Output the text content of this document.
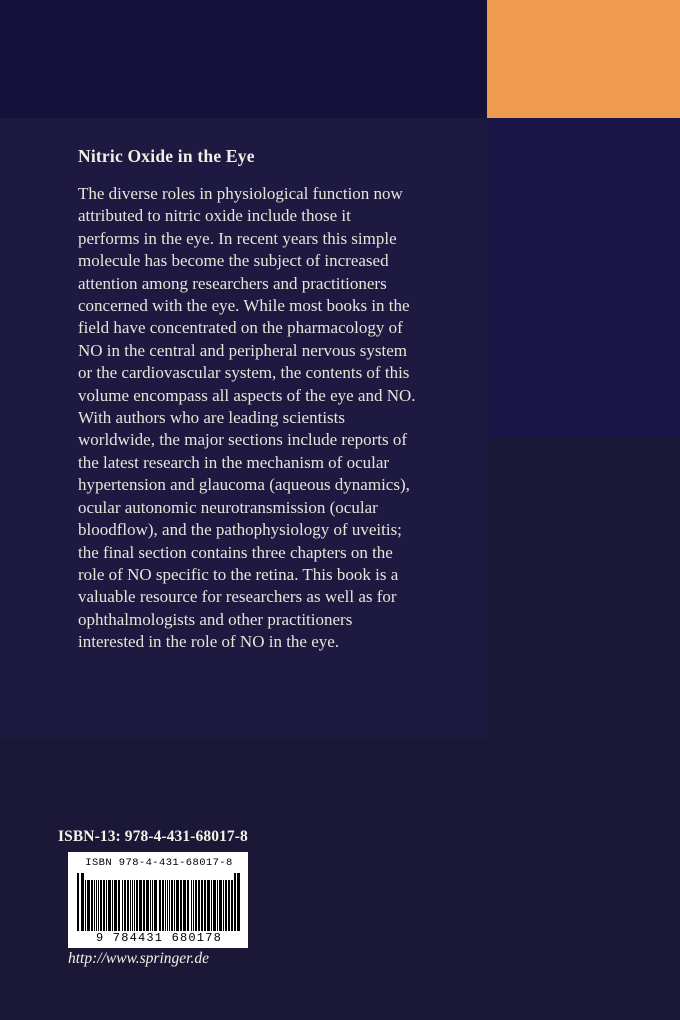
Nitric Oxide in the Eye
The diverse roles in physiological function now attributed to nitric oxide include those it performs in the eye. In recent years this simple molecule has become the subject of increased attention among researchers and practitioners concerned with the eye. While most books in the field have concentrated on the pharmacology of NO in the central and peripheral nervous system or the cardiovascular system, the contents of this volume encompass all aspects of the eye and NO. With authors who are leading scientists worldwide, the major sections include reports of the latest research in the mechanism of ocular hypertension and glaucoma (aqueous dynamics), ocular autonomic neurotransmission (ocular bloodflow), and the pathophysiology of uveitis; the final section contains three chapters on the role of NO specific to the retina. This book is a valuable resource for researchers as well as for ophthalmologists and other practitioners interested in the role of NO in the eye.
ISBN-13: 978-4-431-68017-8
ISBN 978-4-431-68017-8
9 784431 680178
http://www.springer.de
